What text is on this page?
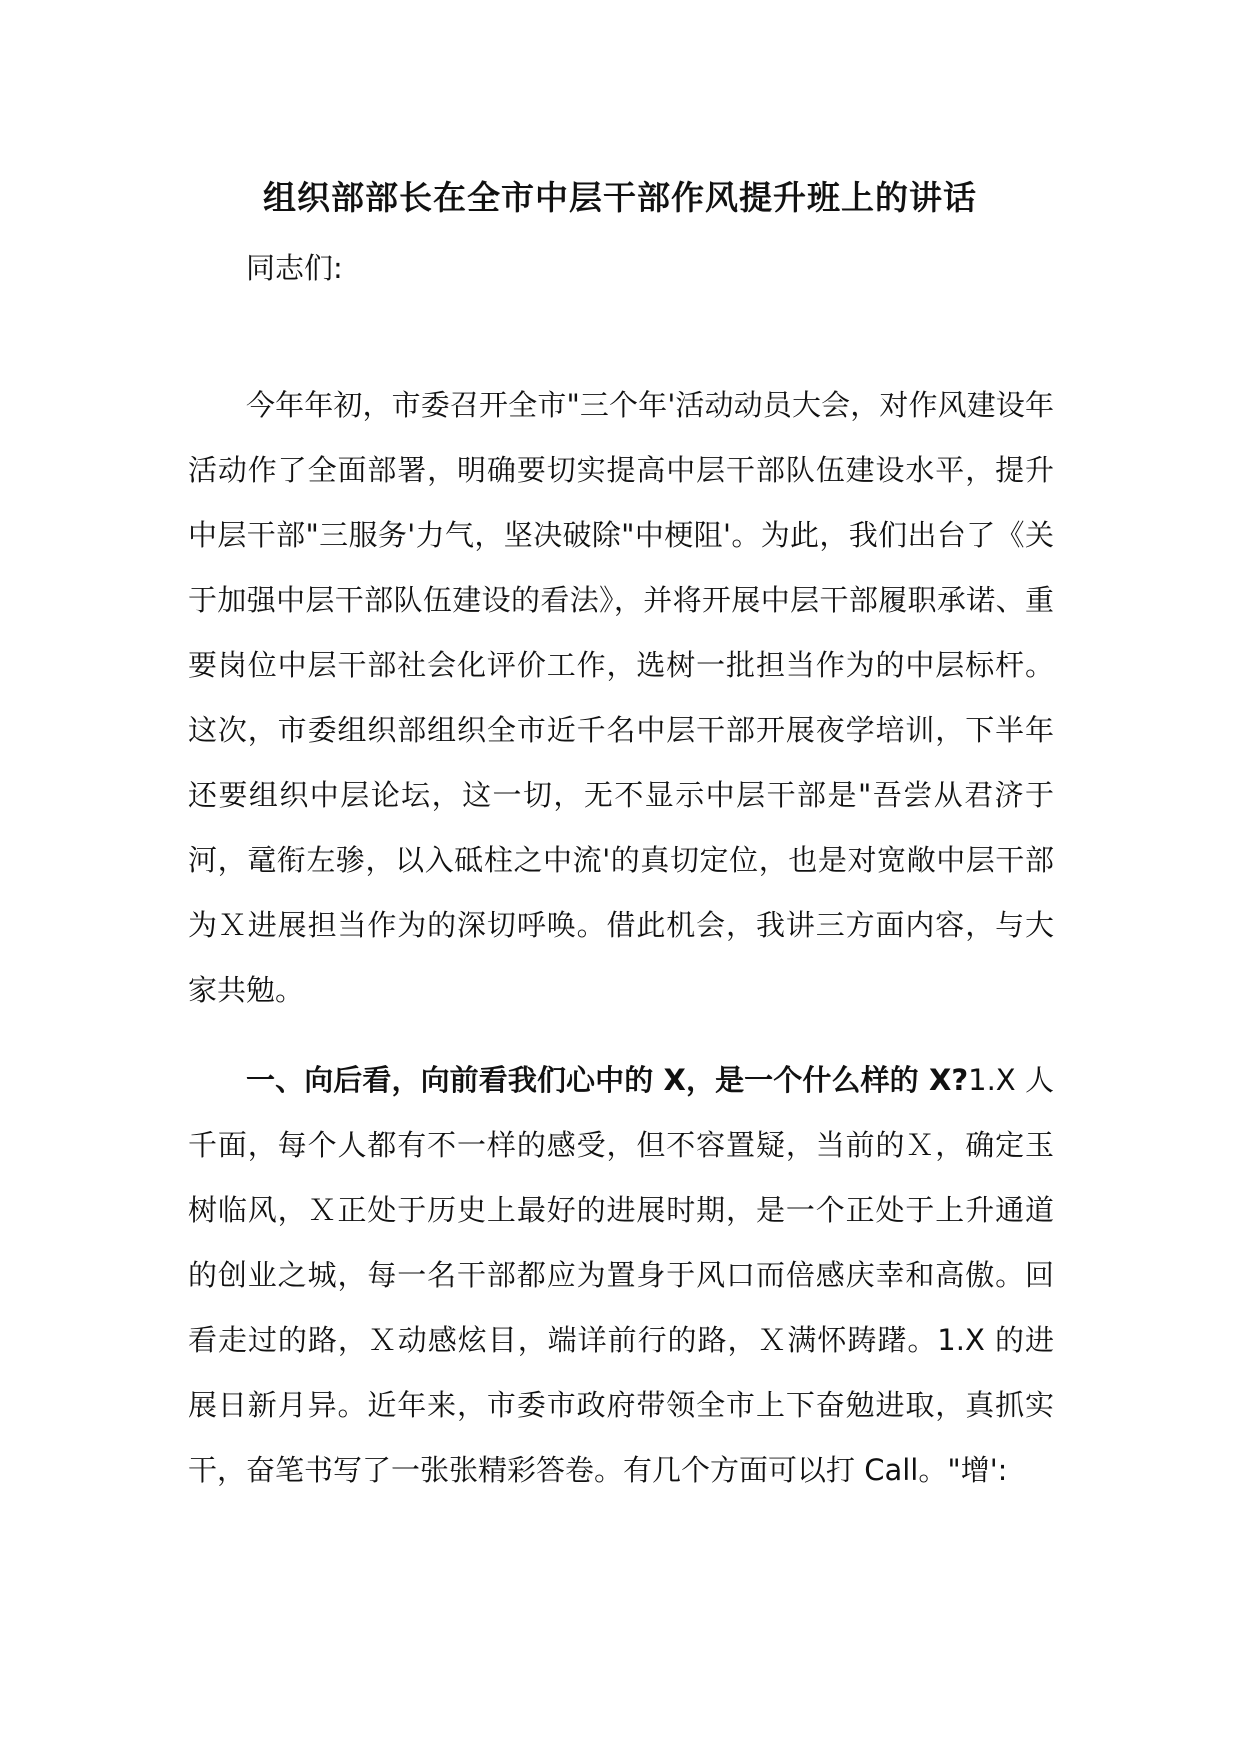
组织部部长在全市中层干部作风提升班上的讲话

同志们:

今年年初，市委召开全市"三个年'活动动员大会，对作风建设年活动作了全面部署，明确要切实提高中层干部队伍建设水平，提升中层干部"三服务'力气，坚决破除"中梗阻'。为此，我们出台了《关于加强中层干部队伍建设的看法》，并将开展中层干部履职承诺、重要岗位中层干部社会化评价工作，选树一批担当作为的中层标杆。这次，市委组织部组织全市近千名中层干部开展夜学培训，下半年还要组织中层论坛，这一切，无不显示中层干部是"吾尝从君济于河，鼋衔左骖，以入砥柱之中流'的真切定位，也是对宽敞中层干部为Ｘ进展担当作为的深切呼唤。借此机会，我讲三方面内容，与大家共勉。

一、向后看，向前看我们心中的 X，是一个什么样的 X?1.X 人千面，每个人都有不一样的感受，但不容置疑，当前的Ｘ，确定玉树临风，Ｘ正处于历史上最好的进展时期，是一个正处于上升通道的创业之城，每一名干部都应为置身于风口而倍感庆幸和高傲。回看走过的路，Ｘ动感炫目，端详前行的路，Ｘ满怀踌躇。1.X 的进展日新月异。近年来，市委市政府带领全市上下奋勉进取，真抓实干，奋笔书写了一张张精彩答卷。有几个方面可以打 Call。"增':
